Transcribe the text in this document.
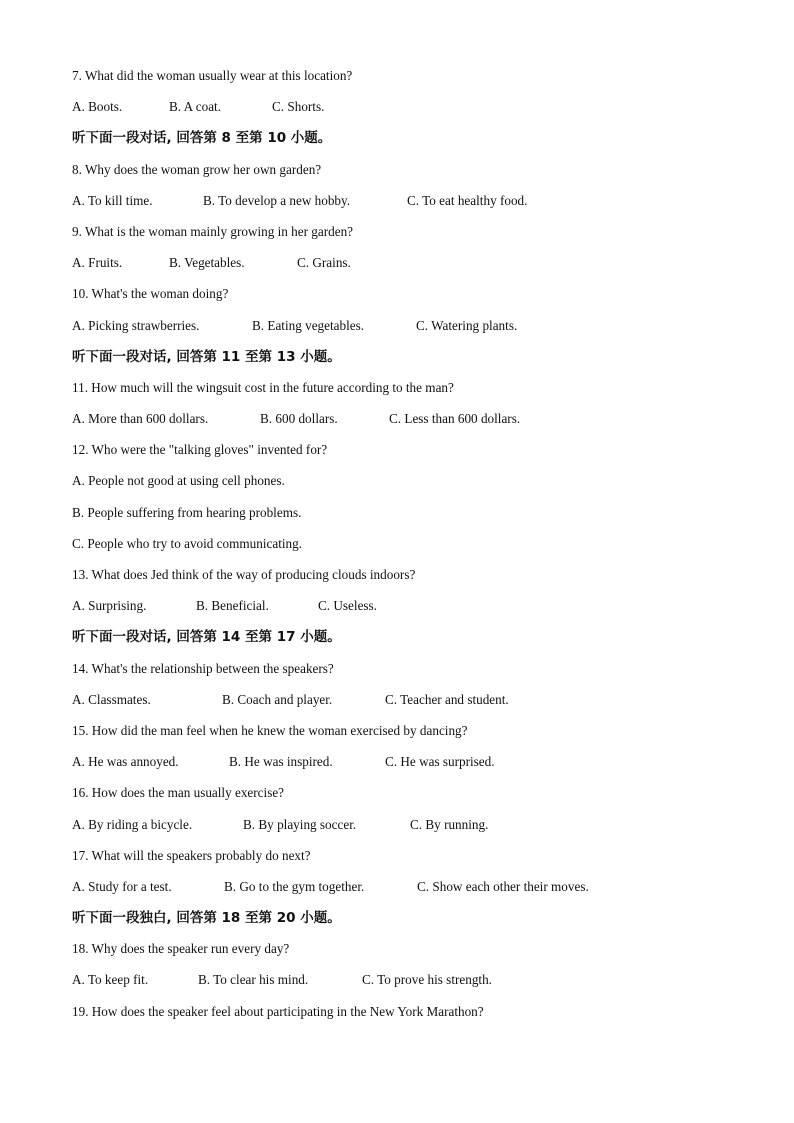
7. What did the woman usually wear at this location?
A. Boots.	B. A coat.	C. Shorts.
听下面一段对话, 回答第 8 至第 10 小题。
8. Why does the woman grow her own garden?
A. To kill time.	B. To develop a new hobby.	C. To eat healthy food.
9. What is the woman mainly growing in her garden?
A. Fruits.	B. Vegetables.	C. Grains.
10. What's the woman doing?
A. Picking strawberries.	B. Eating vegetables.	C. Watering plants.
听下面一段对话, 回答第 11 至第 13 小题。
11. How much will the wingsuit cost in the future according to the man?
A. More than 600 dollars.	B. 600 dollars.	C. Less than 600 dollars.
12. Who were the "talking gloves" invented for?
A. People not good at using cell phones.
B. People suffering from hearing problems.
C. People who try to avoid communicating.
13. What does Jed think of the way of producing clouds indoors?
A. Surprising.	B. Beneficial.	C. Useless.
听下面一段对话, 回答第 14 至第 17 小题。
14. What's the relationship between the speakers?
A. Classmates.	B. Coach and player.	C. Teacher and student.
15. How did the man feel when he knew the woman exercised by dancing?
A. He was annoyed.	B. He was inspired.	C. He was surprised.
16. How does the man usually exercise?
A. By riding a bicycle.	B. By playing soccer.	C. By running.
17. What will the speakers probably do next?
A. Study for a test.	B. Go to the gym together.	C. Show each other their moves.
听下面一段独白, 回答第 18 至第 20 小题。
18. Why does the speaker run every day?
A. To keep fit.	B. To clear his mind.	C. To prove his strength.
19. How does the speaker feel about participating in the New York Marathon?
